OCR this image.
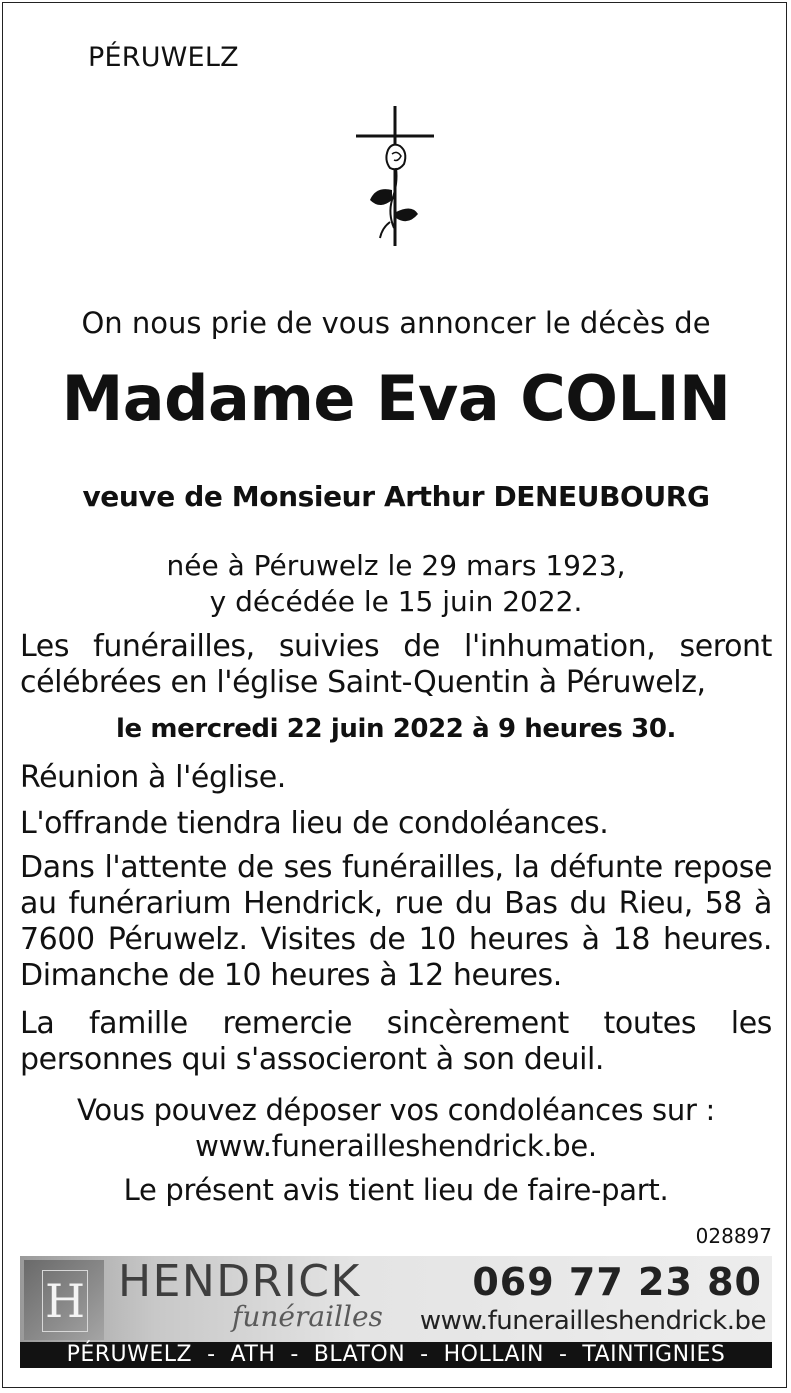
PÉRUWELZ
On nous prie de vous annoncer le décès de
Madame Eva COLIN
veuve de Monsieur Arthur DENEUBOURG
née à Péruwelz le 29 mars 1923,
y décédée le 15 juin 2022.
Les funérailles, suivies de l'inhumation, seront célébrées en l'église Saint-Quentin à Péruwelz,
le mercredi 22 juin 2022 à 9 heures 30.
Réunion à l'église.
L'offrande tiendra lieu de condoléances.
Dans l'attente de ses funérailles, la défunte repose au funérarium Hendrick, rue du Bas du Rieu, 58 à 7600 Péruwelz. Visites de 10 heures à 18 heures.
Dimanche de 10 heures à 12 heures.
La famille remercie sincèrement toutes les personnes qui s'associeront à son deuil.
Vous pouvez déposer vos condoléances sur :
www.funerailleshendrick.be.
Le présent avis tient lieu de faire-part.
028897
H HENDRICK
funérailles
069 77 23 80
www.funerailleshendrick.be
PÉRUWELZ  -  ATH  -  BLATON  -  HOLLAIN  -  TAINTIGNIES
